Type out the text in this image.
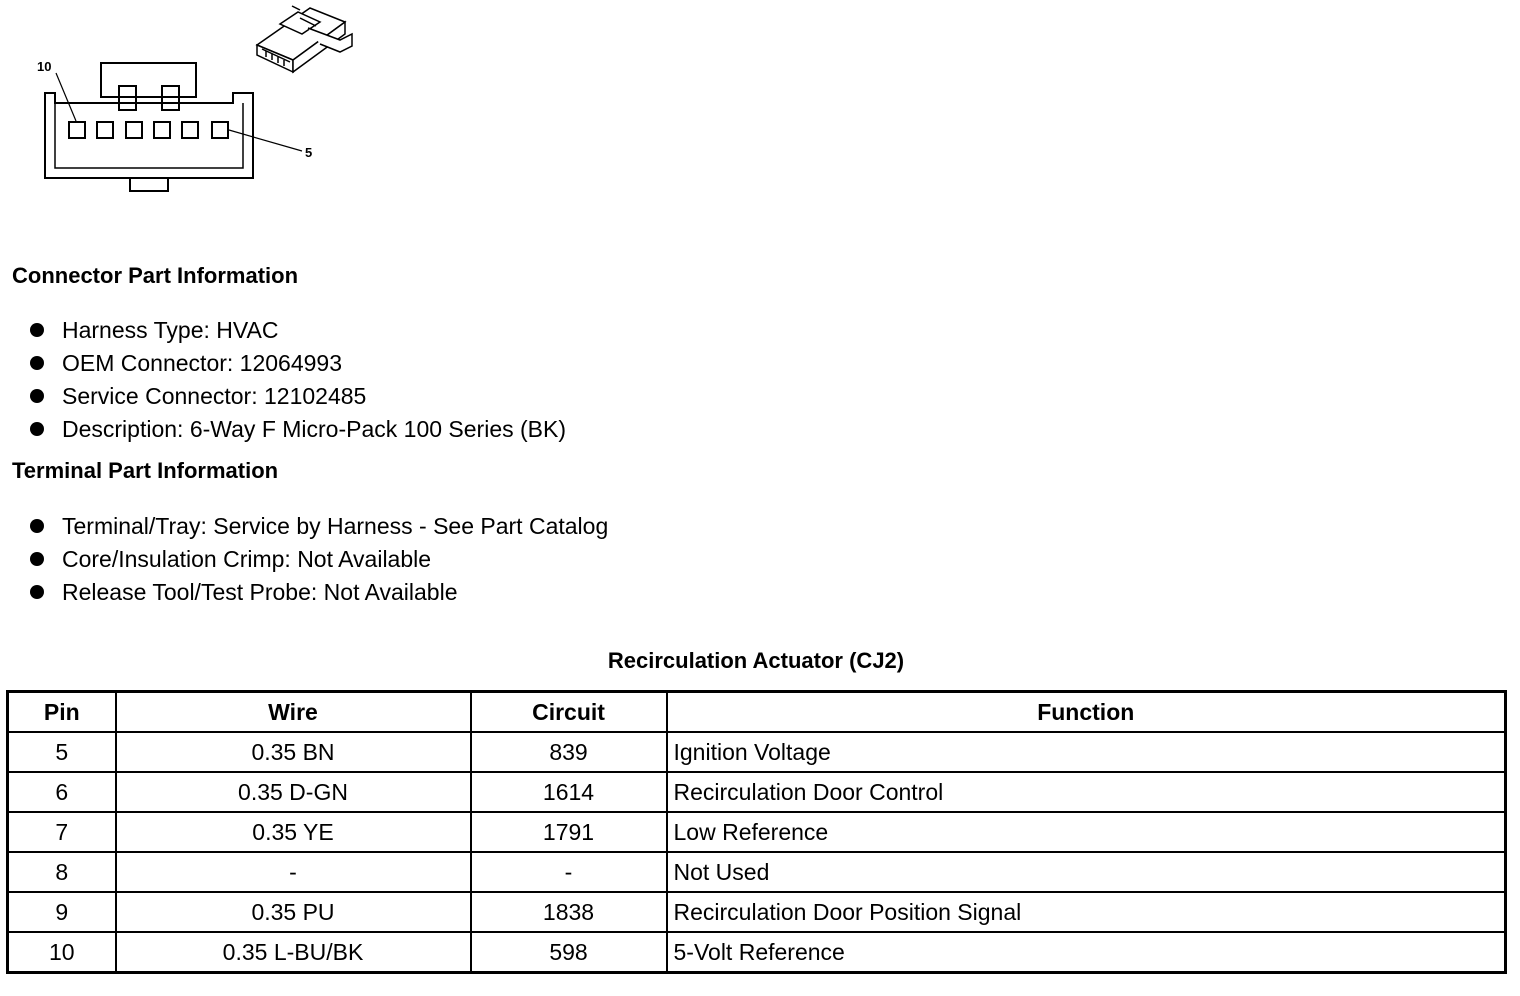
10
5
Connector Part Information
Harness Type: HVAC
OEM Connector: 12064993
Service Connector: 12102485
Description: 6-Way F Micro-Pack 100 Series (BK)
Terminal Part Information
Terminal/Tray: Service by Harness - See Part Catalog
Core/Insulation Crimp: Not Available
Release Tool/Test Probe: Not Available
Recirculation Actuator (CJ2)
Pin	Wire	Circuit	Function
5	0.35 BN	839	Ignition Voltage
6	0.35 D-GN	1614	Recirculation Door Control
7	0.35 YE	1791	Low Reference
8	-	-	Not Used
9	0.35 PU	1838	Recirculation Door Position Signal
10	0.35 L-BU/BK	598	5-Volt Reference
